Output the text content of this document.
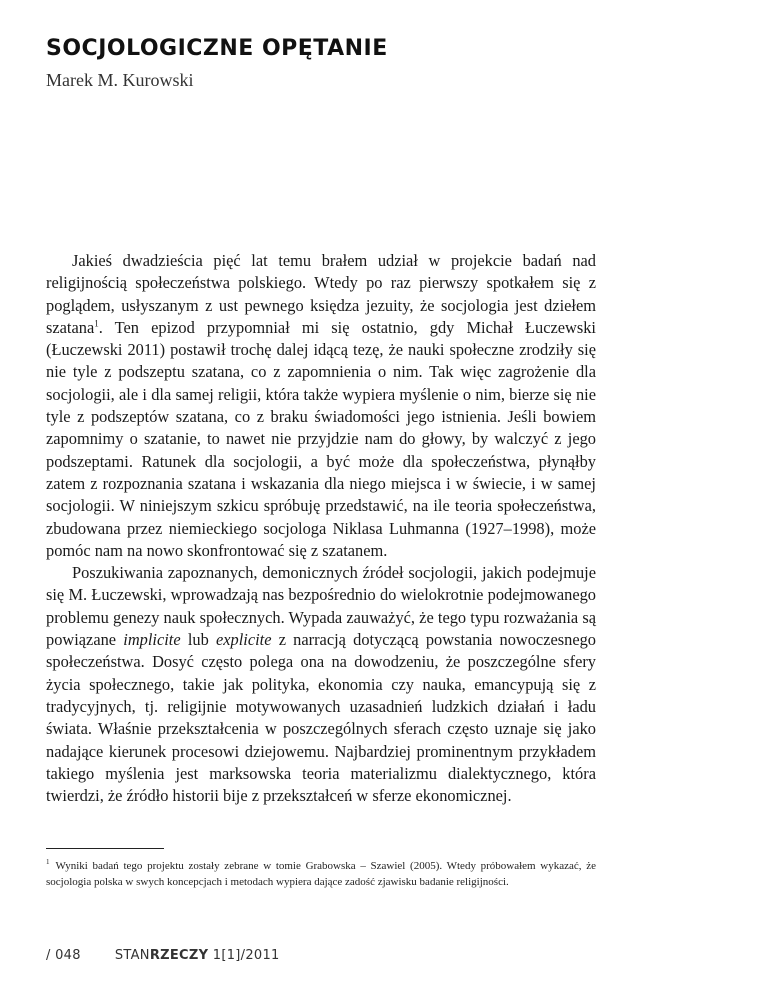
SOCJOLOGICZNE OPĘTANIE

Marek M. Kurowski

Jakieś dwadzieścia pięć lat temu brałem udział w projekcie badań nad religijnością społeczeństwa polskiego. Wtedy po raz pierwszy spotkałem się z poglądem, usłyszanym z ust pewnego księdza jezuity, że socjologia jest dziełem szatana$^1$. Ten epizod przypomniał mi się ostatnio, gdy Michał Łuczewski (Łuczewski 2011) postawił trochę dalej idącą tezę, że nauki społeczne zrodziły się nie tyle z podszeptu szatana, co z zapomnienia o nim. Tak więc zagrożenie dla socjologii, ale i dla samej religii, która także wypiera myślenie o nim, bierze się nie tyle z podszeptów szatana, co z braku świadomości jego istnienia. Jeśli bowiem zapomnimy o szatanie, to nawet nie przyjdzie nam do głowy, by walczyć z jego podszeptami. Ratunek dla socjologii, a być może dla społeczeństwa, płynąłby zatem z rozpoznania szatana i wskazania dla niego miejsca i w świecie, i w samej socjologii. W niniejszym szkicu spróbuję przedstawić, na ile teoria społeczeństwa, zbudowana przez niemieckiego socjologa Niklasa Luhmanna (1927–1998), może pomóc nam na nowo skonfrontować się z szatanem.

Poszukiwania zapoznanych, demonicznych źródeł socjologii, jakich podejmuje się M. Łuczewski, wprowadzają nas bezpośrednio do wielokrotnie podejmowanego problemu genezy nauk społecznych. Wypada zauważyć, że tego typu rozważania są powiązane implicite lub explicite z narracją dotyczącą powstania nowoczesnego społeczeństwa. Dosyć często polega ona na dowodzeniu, że poszczególne sfery życia społecznego, takie jak polityka, ekonomia czy nauka, emancypują się z tradycyjnych, tj. religijnie motywowanych uzasadnień ludzkich działań i ładu świata. Właśnie przekształcenia w poszczególnych sferach często uznaje się jako nadające kierunek procesowi dziejowemu. Najbardziej prominentnym przykładem takiego myślenia jest marksowska teoria materializmu dialektycznego, która twierdzi, że źródło historii bije z przekształceń w sferze ekonomicznej.

$^1$ Wyniki badań tego projektu zostały zebrane w tomie Grabowska – Szawiel (2005). Wtedy próbowałem wykazać, że socjologia polska w swych koncepcjach i metodach wypiera dające zadość zjawisku badanie religijności.

/ 048	STANRZECZY 1[1]/2011
